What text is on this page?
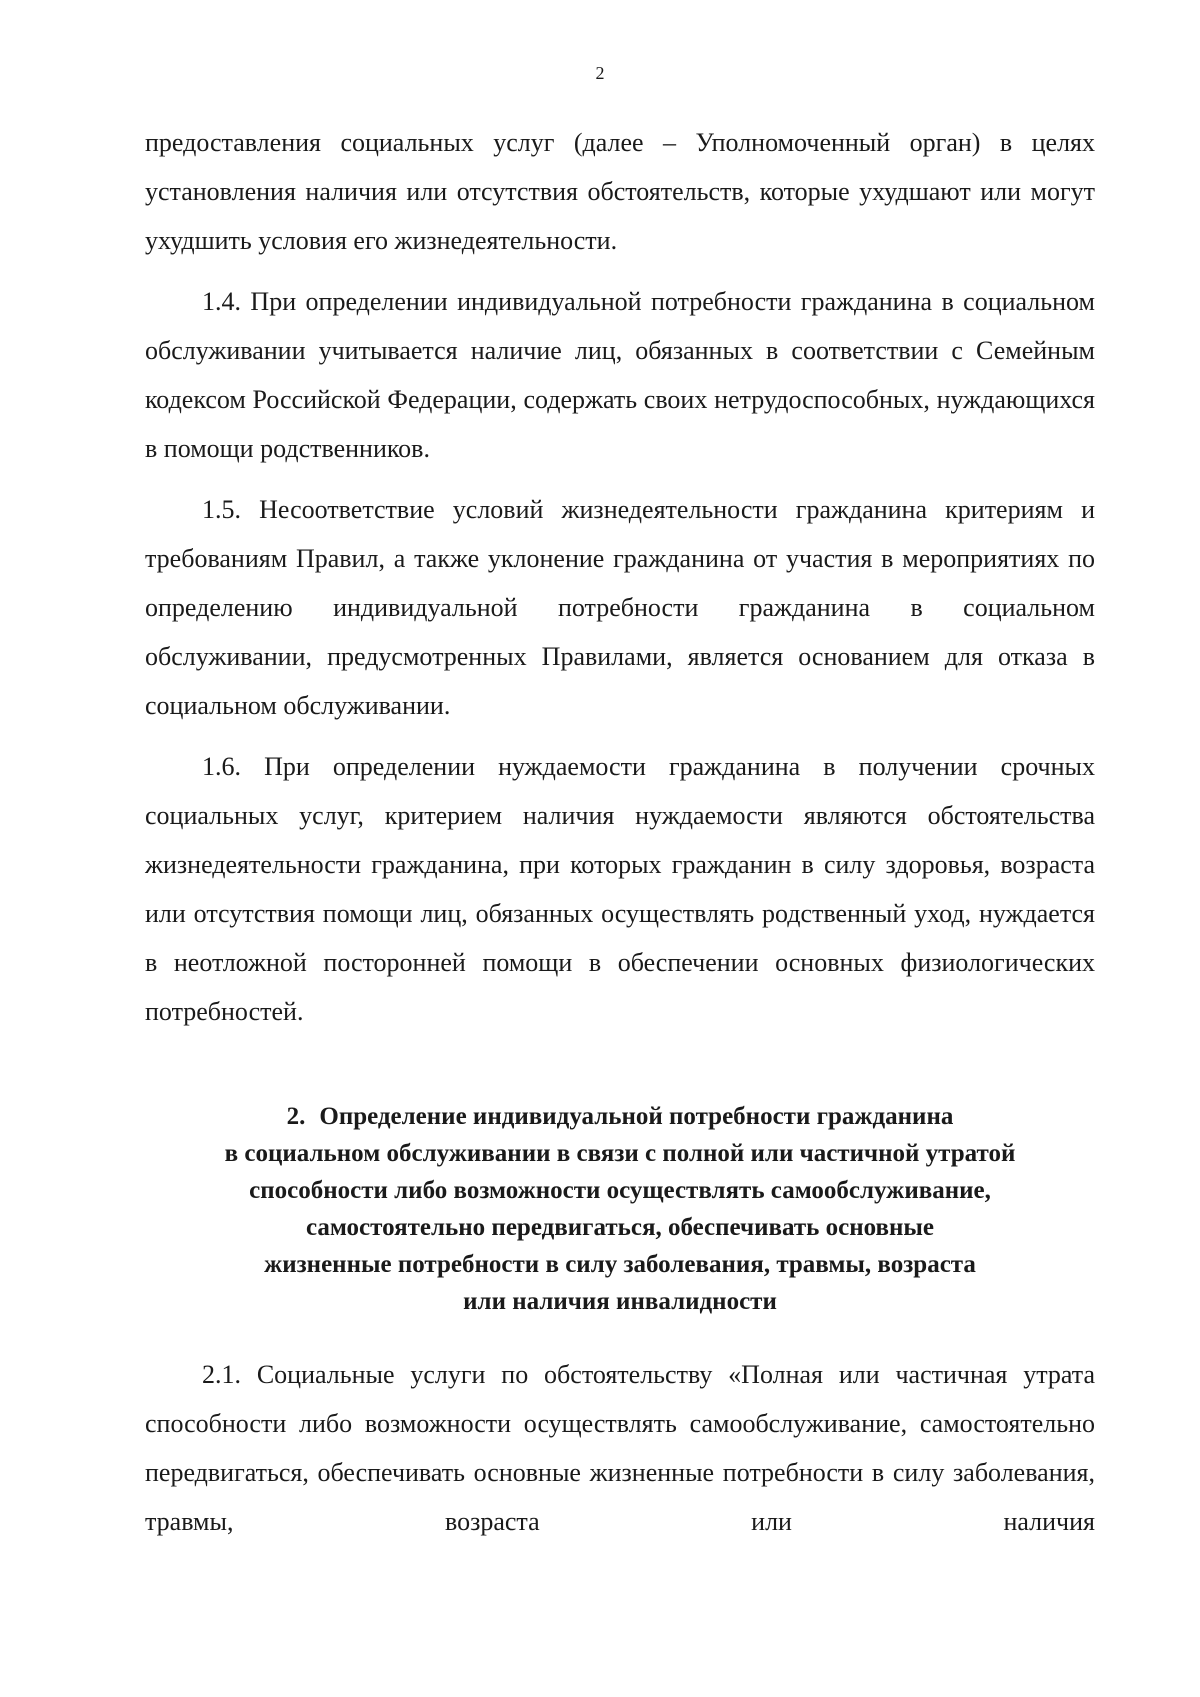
2

предоставления социальных услуг (далее – Уполномоченный орган) в целях установления наличия или отсутствия обстоятельств, которые ухудшают или могут ухудшить условия его жизнедеятельности.

1.4. При определении индивидуальной потребности гражданина в социальном обслуживании учитывается наличие лиц, обязанных в соответствии с Семейным кодексом Российской Федерации, содержать своих нетрудоспособных, нуждающихся в помощи родственников.

1.5. Несоответствие условий жизнедеятельности гражданина критериям и требованиям Правил, а также уклонение гражданина от участия в мероприятиях по определению индивидуальной потребности гражданина в социальном обслуживании, предусмотренных Правилами, является основанием для отказа в социальном обслуживании.

1.6. При определении нуждаемости гражданина в получении срочных социальных услуг, критерием наличия нуждаемости являются обстоятельства жизнедеятельности гражданина, при которых гражданин в силу здоровья, возраста или отсутствия помощи лиц, обязанных осуществлять родственный уход, нуждается в неотложной посторонней помощи в обеспечении основных физиологических потребностей.

2. Определение индивидуальной потребности гражданина
в социальном обслуживании в связи с полной или частичной утратой
способности либо возможности осуществлять самообслуживание,
самостоятельно передвигаться, обеспечивать основные
жизненные потребности в силу заболевания, травмы, возраста
или наличия инвалидности

2.1. Социальные услуги по обстоятельству «Полная или частичная утрата способности либо возможности осуществлять самообслуживание, самостоятельно передвигаться, обеспечивать основные жизненные потребности в силу заболевания, травмы, возраста или наличия
